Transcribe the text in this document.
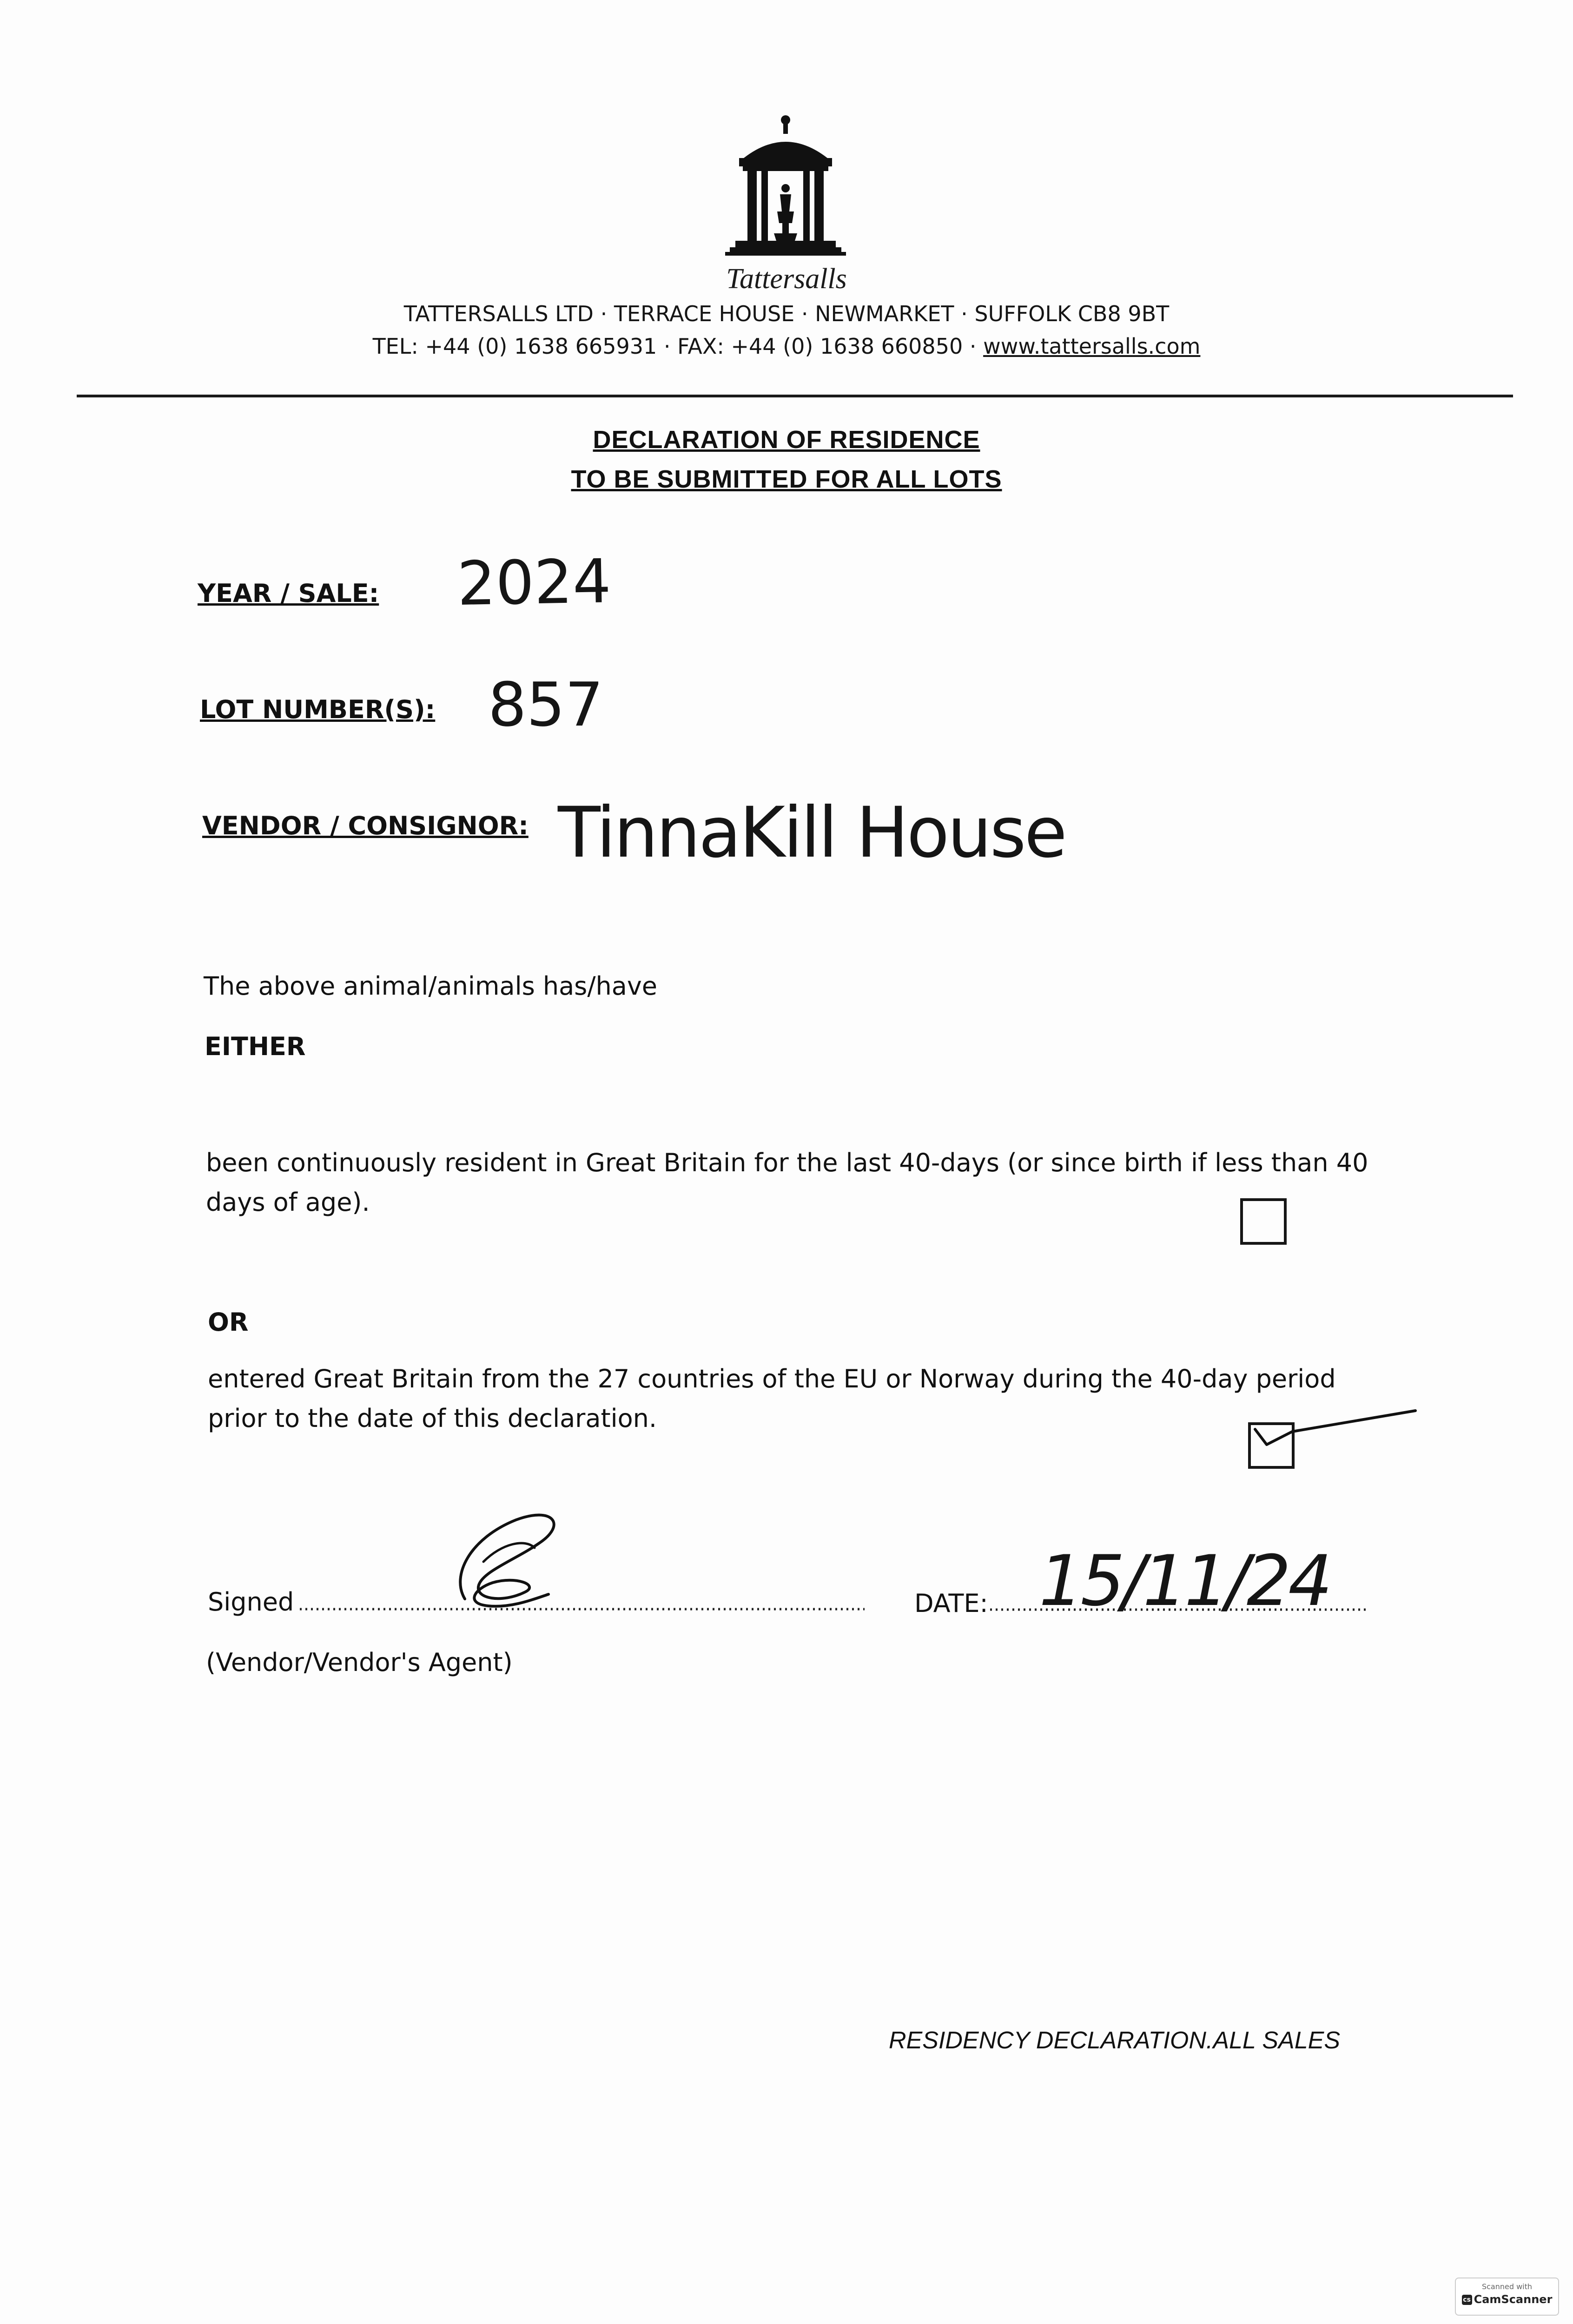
Tattersalls
TATTERSALLS LTD · TERRACE HOUSE · NEWMARKET · SUFFOLK CB8 9BT
TEL: +44 (0) 1638 665931 · FAX: +44 (0) 1638 660850 · www.tattersalls.com
DECLARATION OF RESIDENCE
TO BE SUBMITTED FOR ALL LOTS
YEAR / SALE: 2024
LOT NUMBER(S): 857
VENDOR / CONSIGNOR: TinnaKill House
The above animal/animals has/have
EITHER
been continuously resident in Great Britain for the last 40-days (or since birth if less than 40
days of age).
OR
entered Great Britain from the 27 countries of the EU or Norway during the 40-day period
prior to the date of this declaration.
Signed
(Vendor/Vendor's Agent)
DATE: 15/11/24
RESIDENCY DECLARATION.ALL SALES
Scanned with
cs CamScanner
